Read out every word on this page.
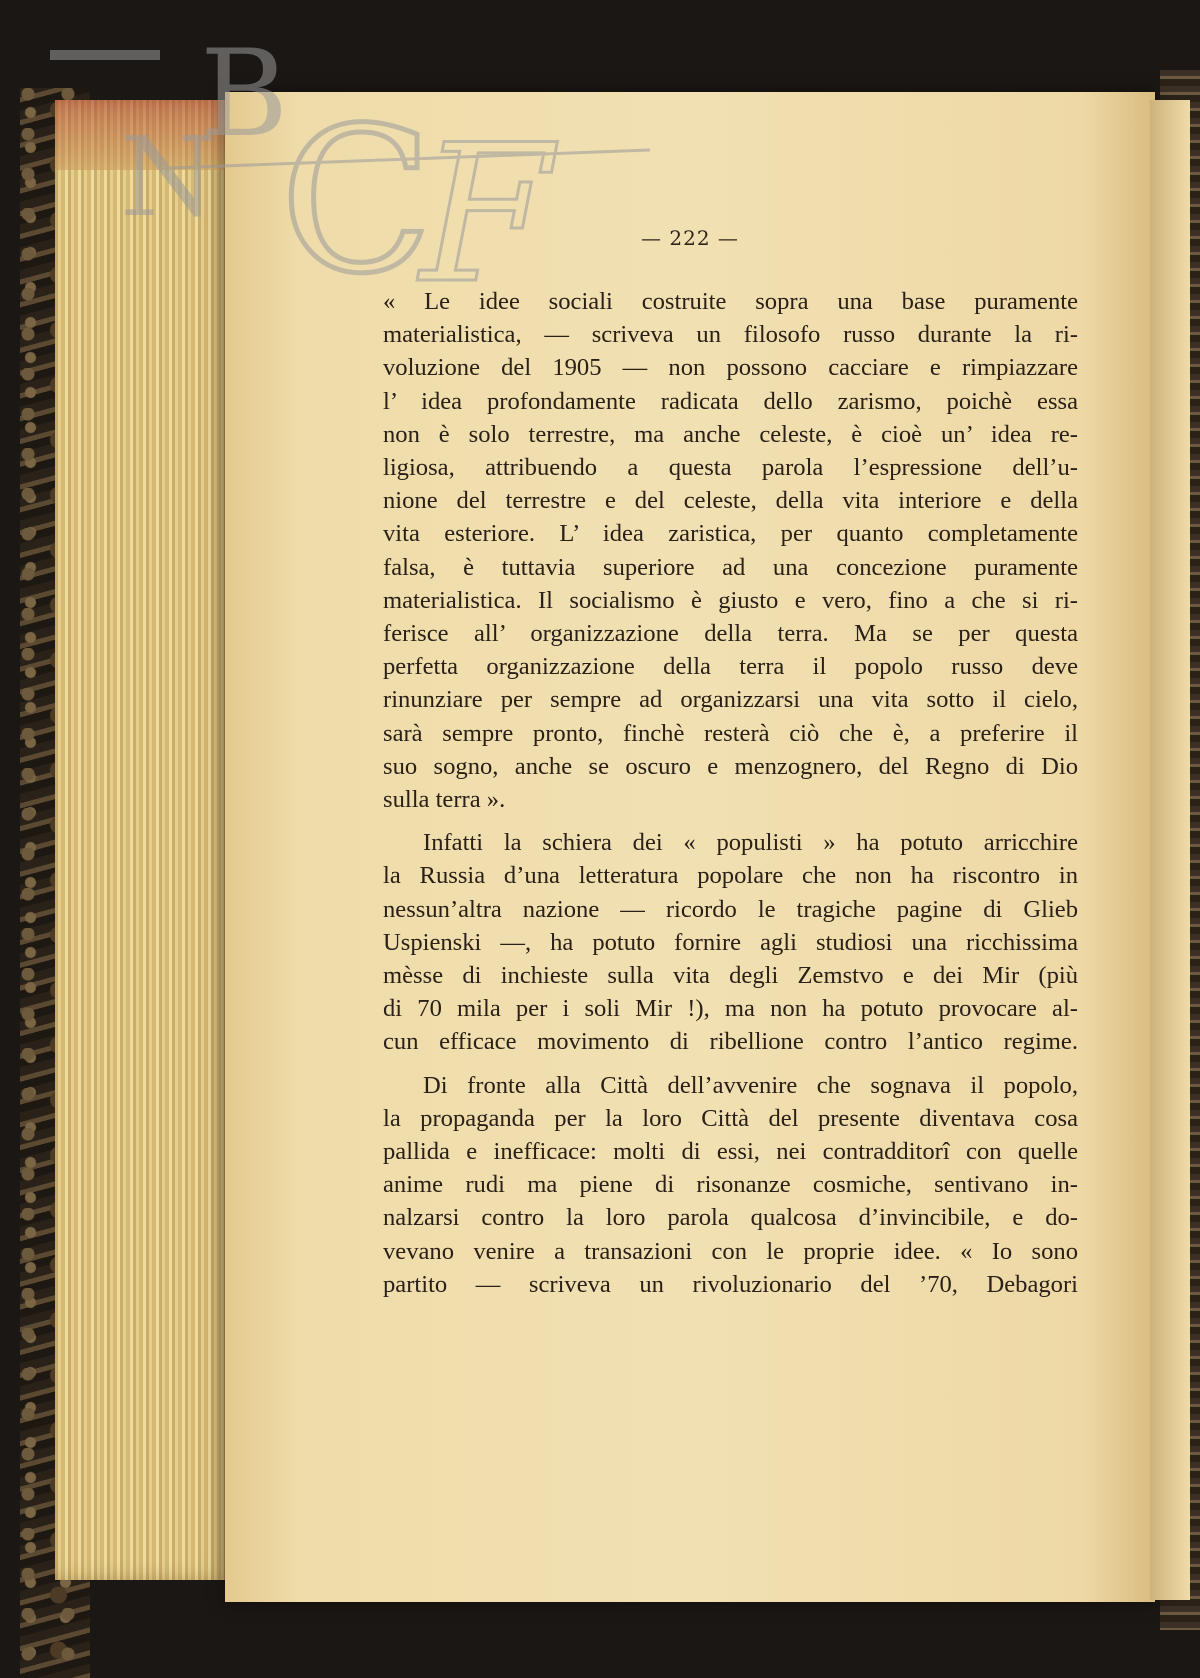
B
N C
F	— 222 —

« Le idee sociali costruite sopra una base puramente
materialistica, — scriveva un filosofo russo durante la ri-
voluzione del 1905 — non possono cacciare e rimpiazzare
l’ idea profondamente radicata dello zarismo, poichè essa
non è solo terrestre, ma anche celeste, è cioè un’ idea re-
ligiosa, attribuendo a questa parola l’espressione dell’u-
nione del terrestre e del celeste, della vita interiore e della
vita esteriore. L’ idea zaristica, per quanto completamente
falsa, è tuttavia superiore ad una concezione puramente
materialistica. Il socialismo è giusto e vero, fino a che si ri-
ferisce all’ organizzazione della terra. Ma se per questa
perfetta organizzazione della terra il popolo russo deve
rinunziare per sempre ad organizzarsi una vita sotto il cielo,
sarà sempre pronto, finchè resterà ciò che è, a preferire il
suo sogno, anche se oscuro e menzognero, del Regno di Dio
sulla terra ».

Infatti la schiera dei « populisti » ha potuto arricchire
la Russia d’una letteratura popolare che non ha riscontro in
nessun’altra nazione — ricordo le tragiche pagine di Glieb
Uspienski —, ha potuto fornire agli studiosi una ricchissima
mèsse di inchieste sulla vita degli Zemstvo e dei Mir (più
di 70 mila per i soli Mir !), ma non ha potuto provocare al-
cun efficace movimento di ribellione contro l’antico regime.

Di fronte alla Città dell’avvenire che sognava il popolo,
la propaganda per la loro Città del presente diventava cosa
pallida e inefficace: molti di essi, nei contradditorî con quelle
anime rudi ma piene di risonanze cosmiche, sentivano in-
nalzarsi contro la loro parola qualcosa d’invincibile, e do-
vevano venire a transazioni con le proprie idee. « Io sono
partito — scriveva un rivoluzionario del ’70, Debagori
